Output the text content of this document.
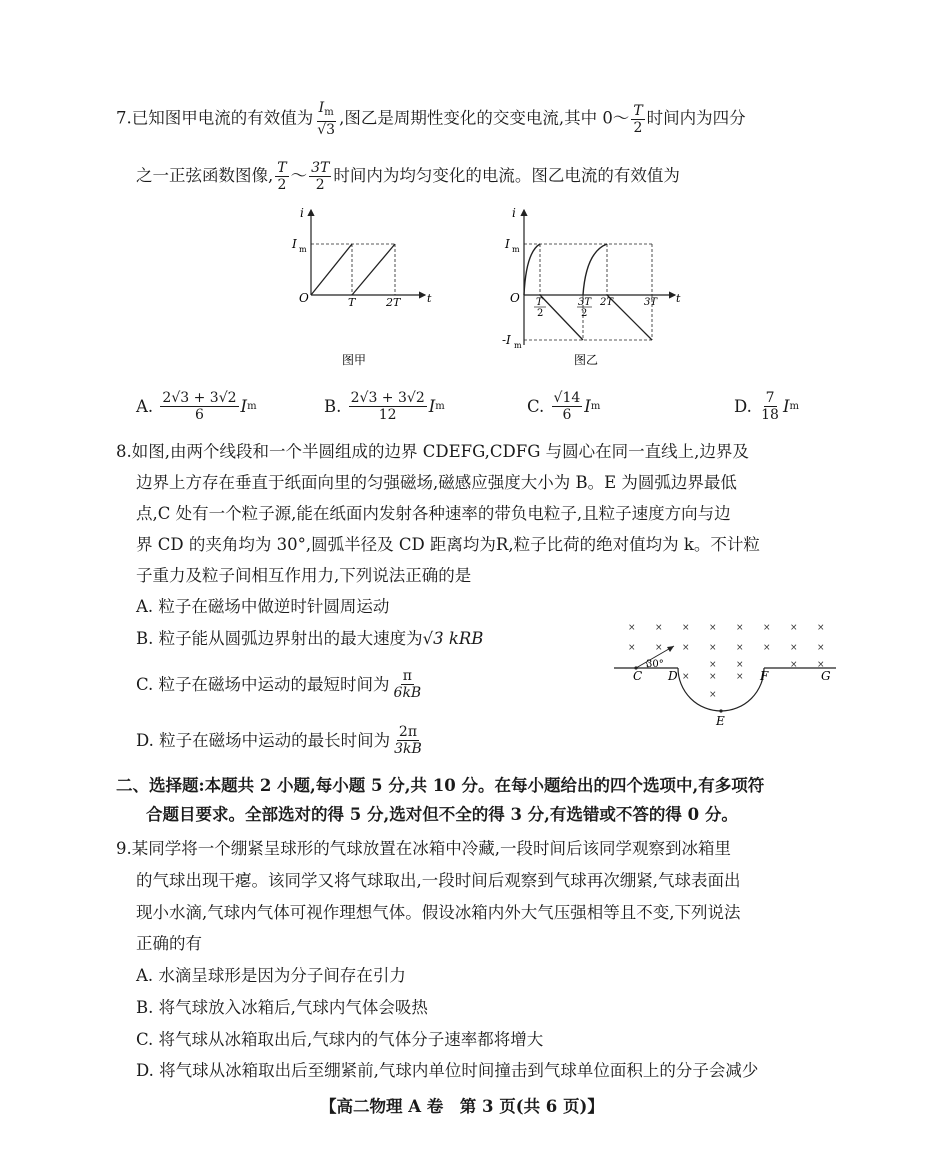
7.已知图甲电流的有效值为 $\frac{I_m}{√3}$ ,图乙是周期性变化的交变电流,其中 0～ $\frac{T}{2}$ 时间内为四分
之一正弦函数图像, $\frac{T}{2}$ ～ $\frac{3T}{2}$ 时间内为均匀变化的电流。图乙电流的有效值为
i
I m
O	T	2T t
图甲
i
I m
-I m
O T
2
3T
2
2T	3T t
图乙
A.
$\frac{2√3 + 3√2}{6}$ I m	B.
$\frac{2√3 + 3√2}{12}$ I m	C.
$\frac{√14}{6}$ I m	D.
$\frac{7}{18}$ I m
8.如图,由两个线段和一个半圆组成的边界 CDEFG,CDFG 与圆心在同一直线上,边界及
边界上方存在垂直于纸面向里的匀强磁场,磁感应强度大小为 B。E 为圆弧边界最低
点,C 处有一个粒子源,能在纸面内发射各种速率的带负电粒子,且粒子速度方向与边
界 CD 的夹角均为 30°,圆弧半径及 CD 距离均为R,粒子比荷的绝对值均为 k。不计粒
子重力及粒子间相互作用力,下列说法正确的是
A. 粒子在磁场中做逆时针圆周运动
B. 粒子能从圆弧边界射出的最大速度为√3 kRB
C. 粒子在磁场中运动的最短时间为 $\frac{\pi}{6kB}$
D. 粒子在磁场中运动的最长时间为 $\frac{2\pi}{3kB}$
× × × × × × × ×
× × × × × × × ×
× ×	× ×
× × ×
×
30°
C D
E
F	G
二、选择题:本题共 2 小题,每小题 5 分,共 10 分。在每小题给出的四个选项中,有多项符
合题目要求。全部选对的得 5 分,选对但不全的得 3 分,有选错或不答的得 0 分。
9.某同学将一个绷紧呈球形的气球放置在冰箱中冷藏,一段时间后该同学观察到冰箱里
的气球出现干瘪。该同学又将气球取出,一段时间后观察到气球再次绷紧,气球表面出
现小水滴,气球内气体可视作理想气体。假设冰箱内外大气压强相等且不变,下列说法
正确的有
A. 水滴呈球形是因为分子间存在引力
B. 将气球放入冰箱后,气球内气体会吸热
C. 将气球从冰箱取出后,气球内的气体分子速率都将增大
D. 将气球从冰箱取出后至绷紧前,气球内单位时间撞击到气球单位面积上的分子会减少
【高二物理 A 卷　第 3 页(共 6 页)】
